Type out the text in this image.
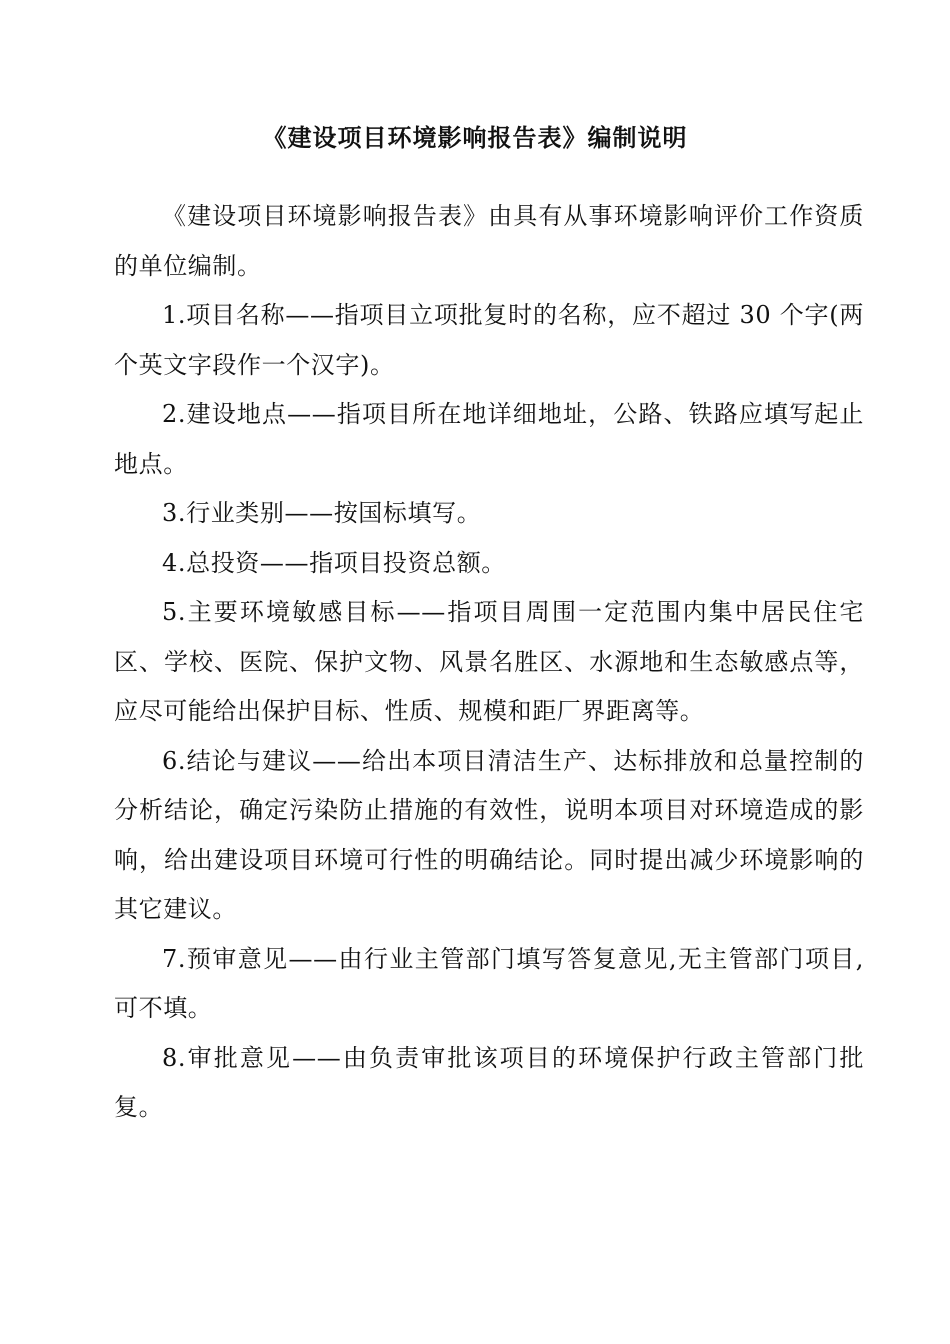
《建设项目环境影响报告表》编制说明

《建设项目环境影响报告表》由具有从事环境影响评价工作资质的单位编制。

1.项目名称——指项目立项批复时的名称，应不超过 30 个字(两个英文字段作一个汉字)。

2.建设地点——指项目所在地详细地址，公路、铁路应填写起止地点。

3.行业类别——按国标填写。

4.总投资——指项目投资总额。

5.主要环境敏感目标——指项目周围一定范围内集中居民住宅区、学校、医院、保护文物、风景名胜区、水源地和生态敏感点等，应尽可能给出保护目标、性质、规模和距厂界距离等。

6.结论与建议——给出本项目清洁生产、达标排放和总量控制的分析结论，确定污染防止措施的有效性，说明本项目对环境造成的影响，给出建设项目环境可行性的明确结论。同时提出减少环境影响的其它建议。

7.预审意见——由行业主管部门填写答复意见,无主管部门项目,可不填。

8.审批意见——由负责审批该项目的环境保护行政主管部门批复。
